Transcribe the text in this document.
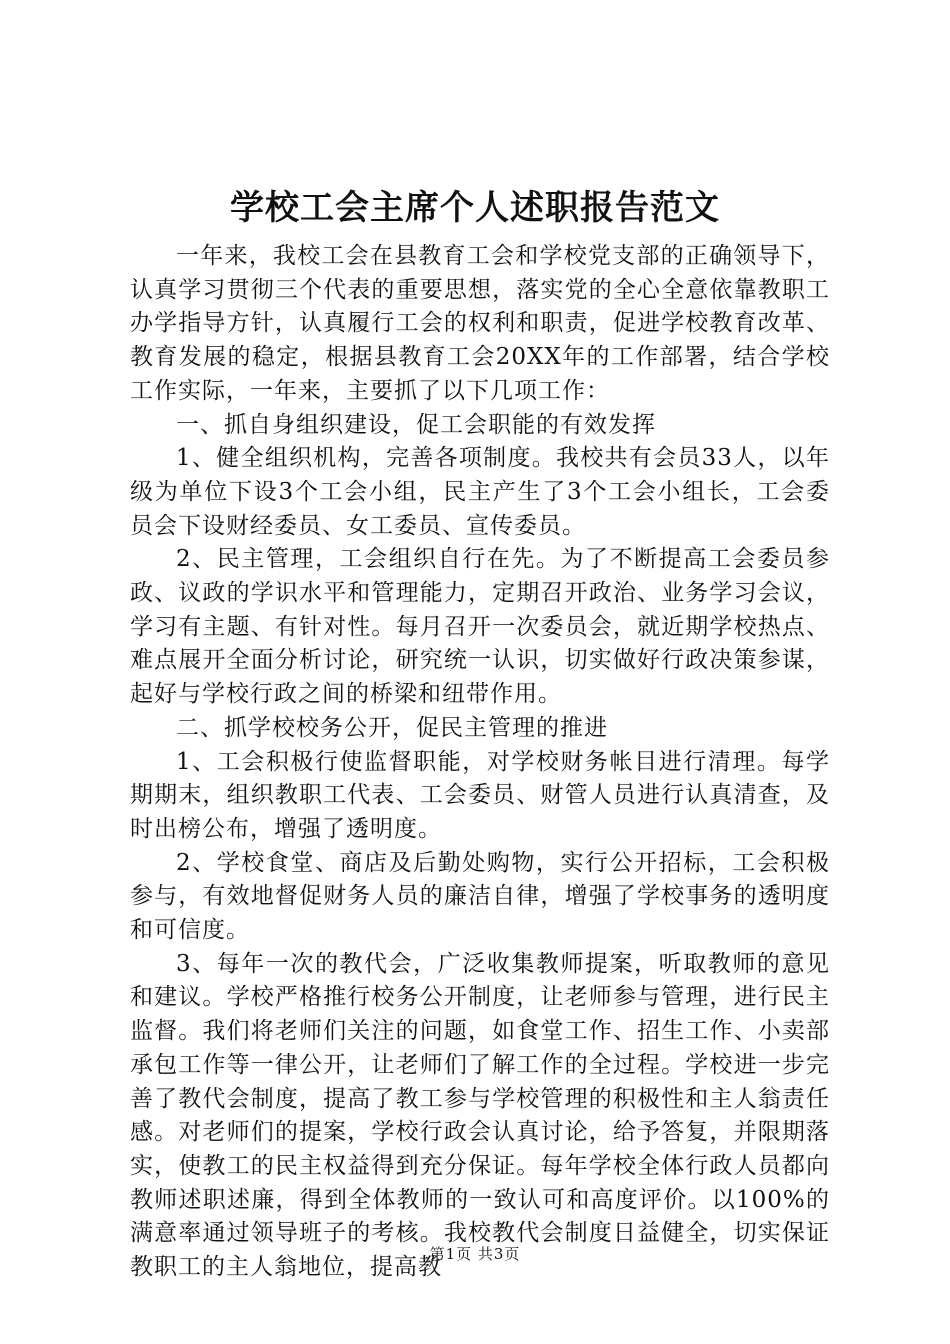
学校工会主席个人述职报告范文

一年来，我校工会在县教育工会和学校党支部的正确领导下，认真学习贯彻三个代表的重要思想，落实党的全心全意依靠教职工办学指导方针，认真履行工会的权利和职责，促进学校教育改革、教育发展的稳定，根据县教育工会20XX年的工作部署，结合学校工作实际，一年来，主要抓了以下几项工作：

一、抓自身组织建设，促工会职能的有效发挥

1、健全组织机构，完善各项制度。我校共有会员33人，以年级为单位下设3个工会小组，民主产生了3个工会小组长，工会委员会下设财经委员、女工委员、宣传委员。

2、民主管理，工会组织自行在先。为了不断提高工会委员参政、议政的学识水平和管理能力，定期召开政治、业务学习会议，学习有主题、有针对性。每月召开一次委员会，就近期学校热点、难点展开全面分析讨论，研究统一认识，切实做好行政决策参谋，起好与学校行政之间的桥梁和纽带作用。

二、抓学校校务公开，促民主管理的推进

1、工会积极行使监督职能，对学校财务帐目进行清理。每学期期末，组织教职工代表、工会委员、财管人员进行认真清查，及时出榜公布，增强了透明度。

2、学校食堂、商店及后勤处购物，实行公开招标，工会积极参与，有效地督促财务人员的廉洁自律，增强了学校事务的透明度和可信度。

3、每年一次的教代会，广泛收集教师提案，听取教师的意见和建议。学校严格推行校务公开制度，让老师参与管理，进行民主监督。我们将老师们关注的问题，如食堂工作、招生工作、小卖部承包工作等一律公开，让老师们了解工作的全过程。学校进一步完善了教代会制度，提高了教工参与学校管理的积极性和主人翁责任感。对老师们的提案，学校行政会认真讨论，给予答复，并限期落实，使教工的民主权益得到充分保证。每年学校全体行政人员都向教师述职述廉，得到全体教师的一致认可和高度评价。以100%的满意率通过领导班子的考核。我校教代会制度日益健全，切实保证教职工的主人翁地位，提高教

第1页 共3页
